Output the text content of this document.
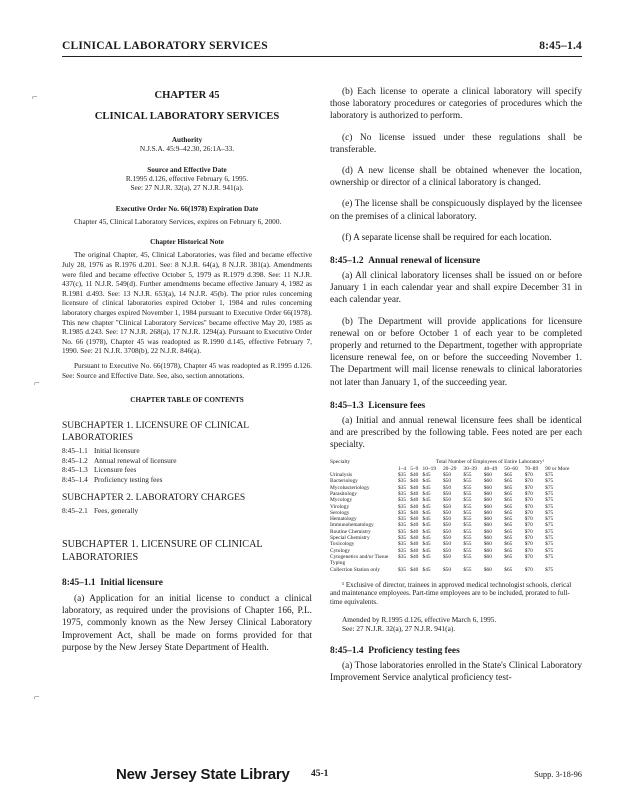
CLINICAL LABORATORY SERVICES	8:45–1.4
⌐
⌐
⌐

CHAPTER 45

CLINICAL LABORATORY SERVICES

Authority

N.J.S.A. 45:9–42.30, 26:1A–33.

Source and Effective Date

R.1995 d.126, effective February 6, 1995.

See: 27 N.J.R. 32(a), 27 N.J.R. 941(a).

Executive Order No. 66(1978) Expiration Date

Chapter 45, Clinical Laboratory Services, expires on February 6, 2000.

Chapter Historical Note

The original Chapter, 45, Clinical Laboratories, was filed and became effective July 28, 1976 as R.1976 d.201. See: 8 N.J.R. 64(a), 8 N.J.R. 381(a). Amendments were filed and became effective October 5, 1979 as R.1979 d.398. See: 11 N.J.R. 437(c), 11 N.J.R. 549(d). Further amendments became effective January 4, 1982 as R.1981 d.493. See: 13 N.J.R. 653(a), 14 N.J.R. 45(b). The prior rules concerning licensure of clinical laboratories expired October 1, 1984 and rules concerning laboratory charges expired November 1, 1984 pursuant to Executive Order 66(1978). This new chapter "Clinical Laboratory Services" became effective May 20, 1985 as R.1985 d.243. See: 17 N.J.R. 268(a), 17 N.J.R. 1294(a). Pursuant to Executive Order No. 66 (1978), Chapter 45 was readopted as R.1990 d.145, effective February 7, 1990. See: 21 N.J.R. 3708(b), 22 N.J.R. 846(a).

Pursuant to Executive No. 66(1978), Chapter 45 was readopted as R.1995 d.126. See: Source and Effective Date. See, also, section annotations.

CHAPTER TABLE OF CONTENTS

SUBCHAPTER 1. LICENSURE OF CLINICAL LABORATORIES

8:45–1.1 Initial licensure
8:45–1.2 Annual renewal of licensure
8:45–1.3 Licensure fees
8:45–1.4 Proficiency testing fees

SUBCHAPTER 2. LABORATORY CHARGES

8:45–2.1 Fees, generally

SUBCHAPTER 1. LICENSURE OF CLINICAL LABORATORIES

8:45–1.1 Initial licensure

(a) Application for an initial license to conduct a clinical laboratory, as required under the provisions of Chapter 166, P.L. 1975, commonly known as the New Jersey Clinical Laboratory Improvement Act, shall be made on forms provided for that purpose by the New Jersey State Department of Health.

(b) Each license to operate a clinical laboratory will specify those laboratory procedures or categories of procedures which the laboratory is authorized to perform.

(c) No license issued under these regulations shall be transferable.

(d) A new license shall be obtained whenever the location, ownership or director of a clinical laboratory is changed.

(e) The license shall be conspicuously displayed by the licensee on the premises of a clinical laboratory.

(f) A separate license shall be required for each location.

8:45–1.2 Annual renewal of licensure

(a) All clinical laboratory licenses shall be issued on or before January 1 in each calendar year and shall expire December 31 in each calendar year.

(b) The Department will provide applications for licensure renewal on or before October 1 of each year to be completed properly and returned to the Department, together with appropriate licensure renewal fee, on or before the succeeding November 1. The Department will mail license renewals to clinical laboratories not later than January 1, of the succeeding year.

8:45–1.3 Licensure fees

(a) Initial and annual renewal licensure fees shall be identical and are prescribed by the following table. Fees noted are per each specialty.

Specialty	Total Number of Employees of Entire Laboratory¹								
	1–4	5–9	10–19	20–29	30–39	40–49	50–60	70–89	90 or More
Urinalysis	$35	$40	$45	$50	$55	$60	$65	$70	$75
Bacteriology	$35	$40	$45	$50	$55	$60	$65	$70	$75
Mycobacteriology	$35	$40	$45	$50	$55	$60	$65	$70	$75
Parasitology	$35	$40	$45	$50	$55	$60	$65	$70	$75
Mycology	$35	$40	$45	$50	$55	$60	$65	$70	$75
Virology	$35	$40	$45	$50	$55	$60	$65	$70	$75
Serology	$35	$40	$45	$50	$55	$60	$65	$70	$75
Hematology	$35	$40	$45	$50	$55	$60	$65	$70	$75
Immunohematology	$35	$40	$45	$50	$55	$60	$65	$70	$75
Routine Chemistry	$35	$40	$45	$50	$55	$60	$65	$70	$75
Special Chemistry	$35	$40	$45	$50	$55	$60	$65	$70	$75
Toxicology	$35	$40	$45	$50	$55	$60	$65	$70	$75
Cytology	$35	$40	$45	$50	$55	$60	$65	$70	$75
Cytogenetics and/or Tissue Typing	$35	$40	$45	$50	$55	$60	$65	$70	$75
Collection Station only	$35	$40	$45	$50	$55	$60	$65	$70	$75

¹ Exclusive of director, trainees in approved medical technologist schools, clerical and maintenance employees. Part-time employees are to be included, prorated to full-time equivalents.

Amended by R.1995 d.126, effective March 6, 1995.

See: 27 N.J.R. 32(a), 27 N.J.R. 941(a).

8:45–1.4 Proficiency testing fees

(a) Those laboratories enrolled in the State's Clinical Laboratory Improvement Service analytical proficiency test-

New Jersey State Library 45-1	Supp. 3-18-96
